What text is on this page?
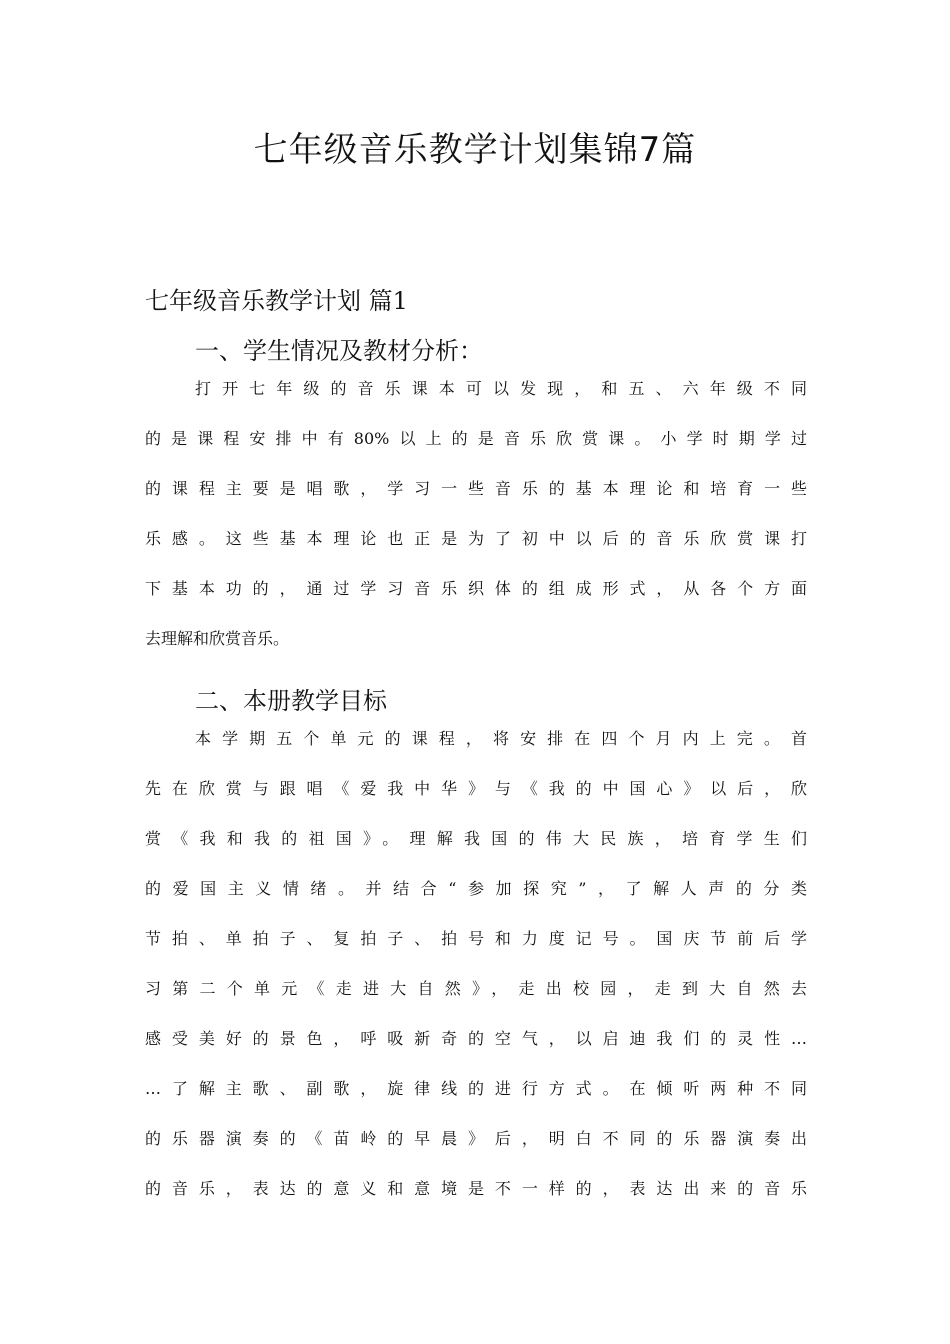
七年级音乐教学计划集锦7篇
七年级音乐教学计划 篇1
一、学生情况及教材分析：
打开七年级的音乐课本可以发现，和五、六年级不同
的是课程安排中有80%以上的是音乐欣赏课。小学时期学过
的课程主要是唱歌，学习一些音乐的基本理论和培育一些
乐感。这些基本理论也正是为了初中以后的音乐欣赏课打
下基本功的，通过学习音乐织体的组成形式，从各个方面
去理解和欣赏音乐。
二、本册教学目标
本学期五个单元的课程，将安排在四个月内上完。首
先在欣赏与跟唱《爱我中华》与《我的中国心》以后，欣
赏《我和我的祖国》。理解我国的伟大民族，培育学生们
的爱国主义情绪。并结合“参加探究”，了解人声的分类
节拍、单拍子、复拍子、拍号和力度记号。国庆节前后学
习第二个单元《走进大自然》，走出校园，走到大自然去
感受美好的景色，呼吸新奇的空气，以启迪我们的灵性…
…了解主歌、副歌，旋律线的进行方式。在倾听两种不同
的乐器演奏的《苗岭的早晨》后，明白不同的乐器演奏出
的音乐，表达的意义和意境是不一样的，表达出来的音乐
